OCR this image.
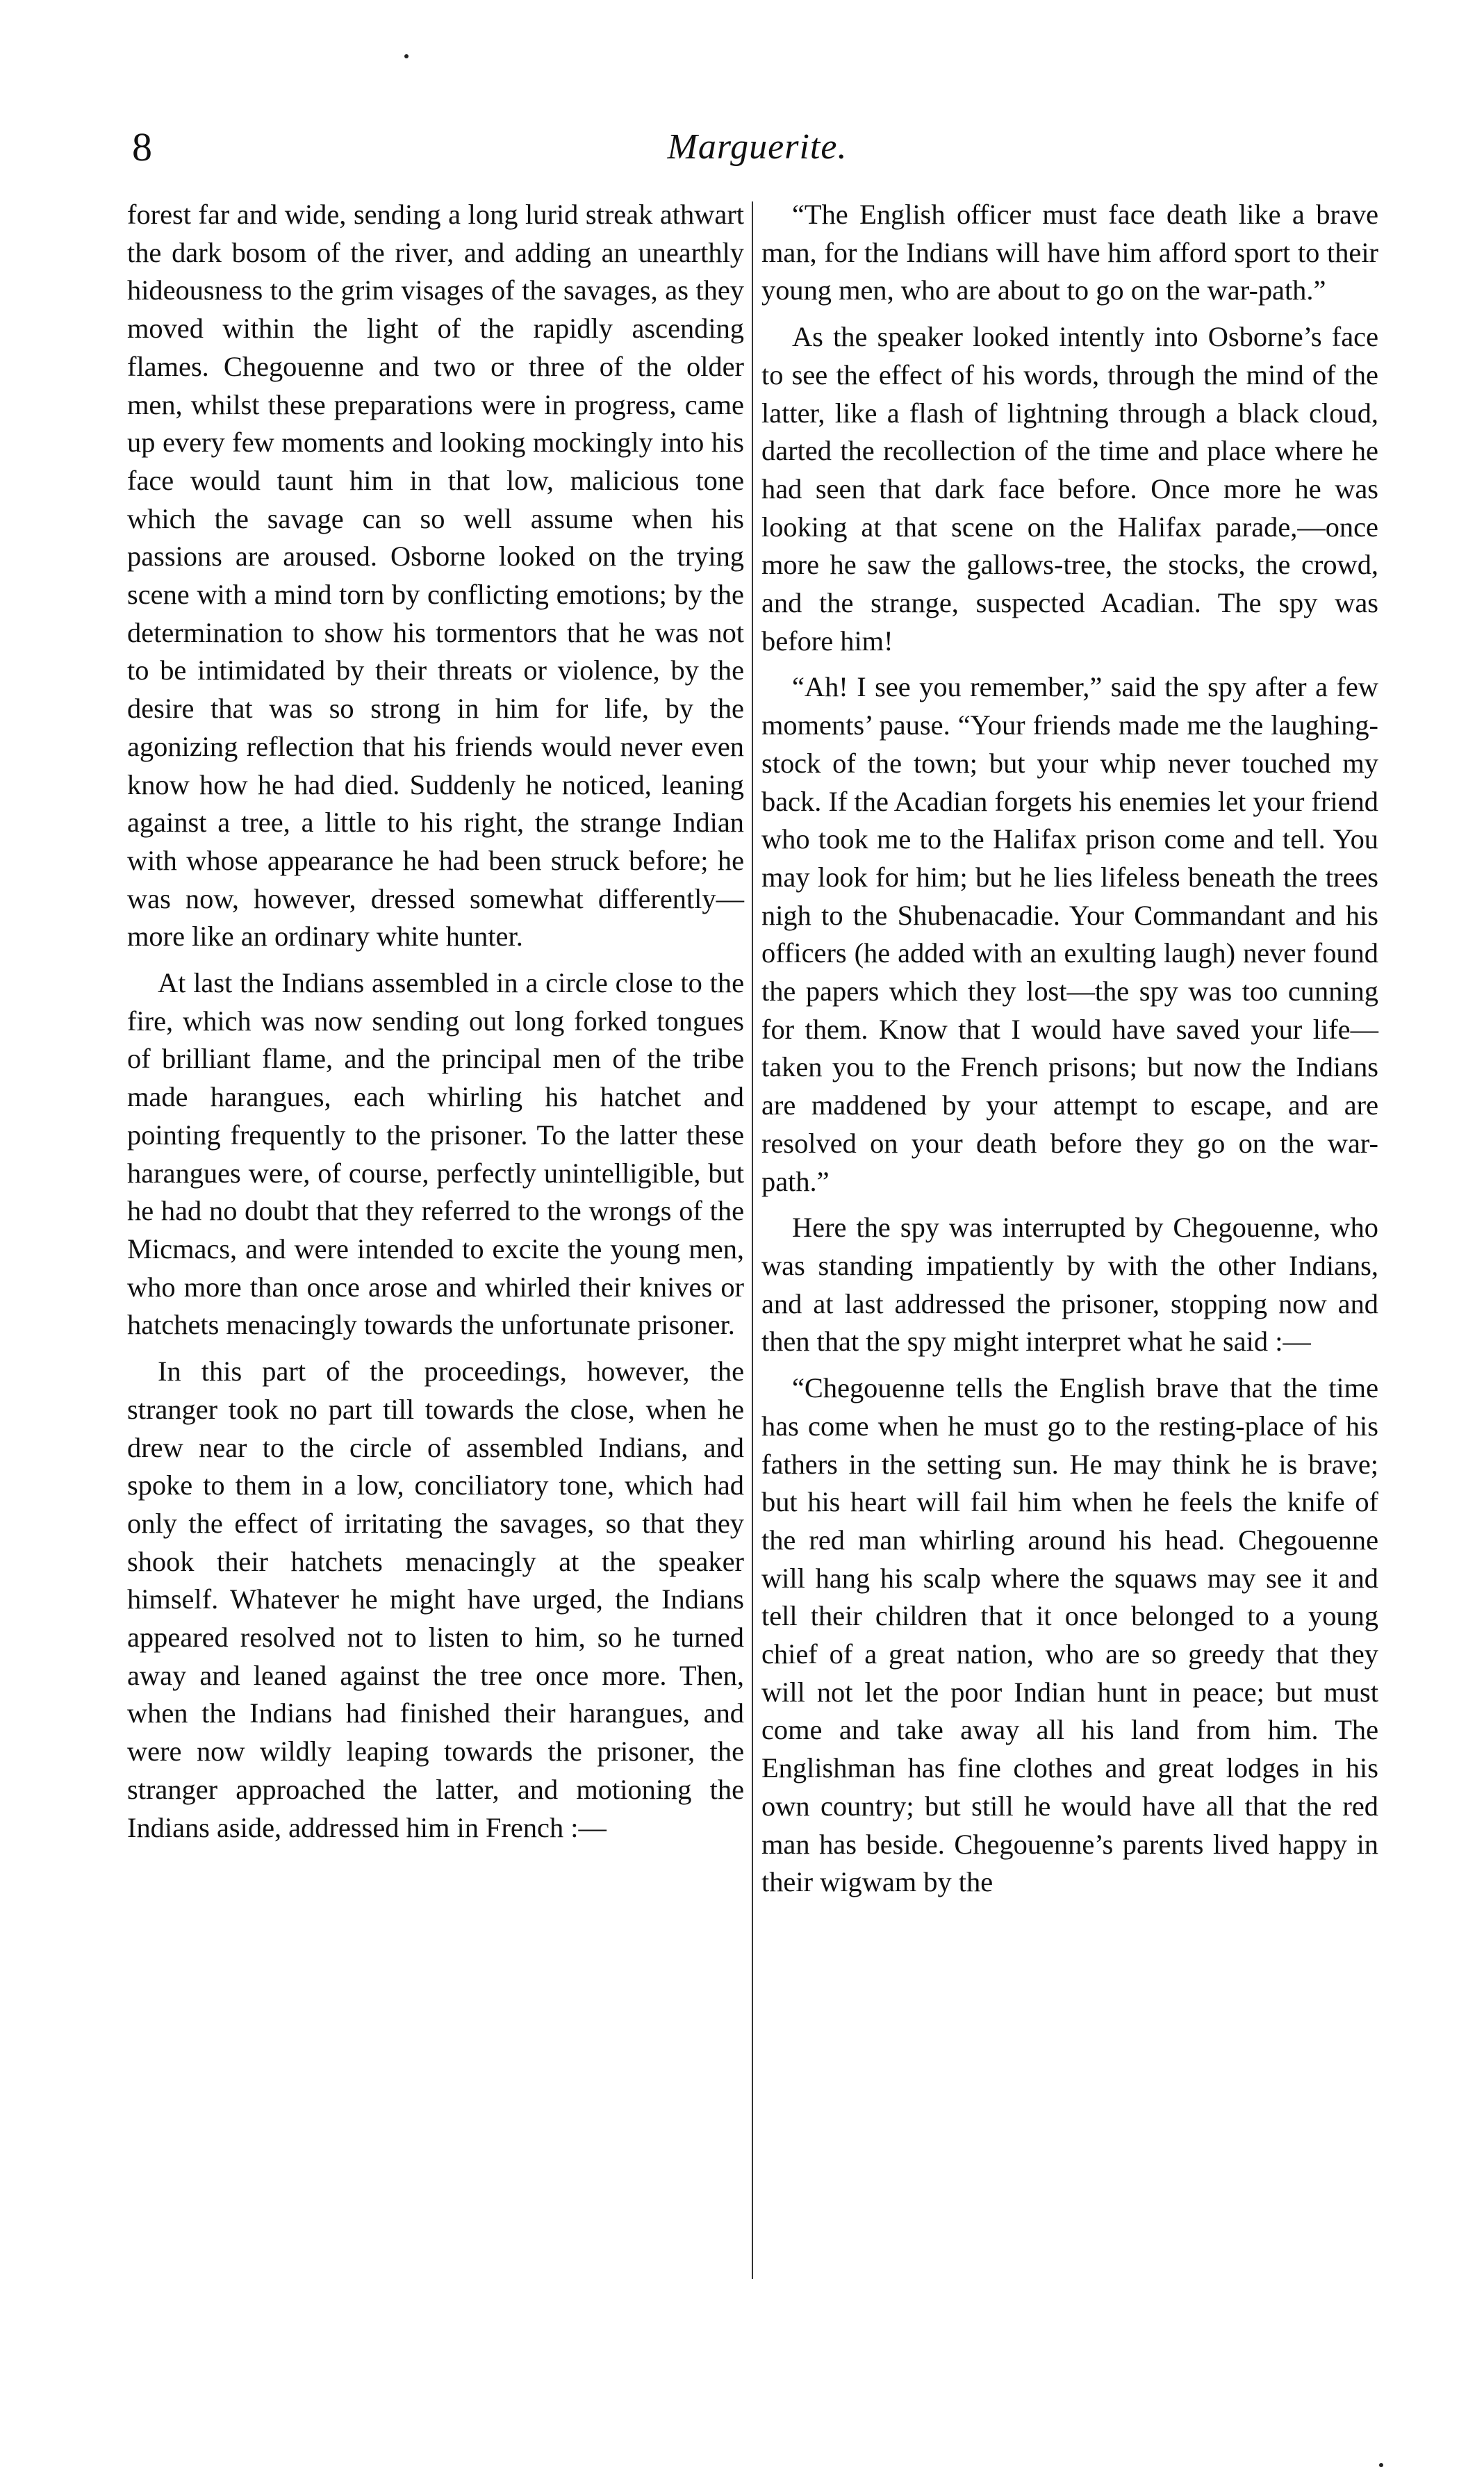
8	Marguerite.

forest far and wide, sending a long lurid streak athwart the dark bosom of the river, and adding an unearthly hideousness to the grim visages of the savages, as they moved within the light of the rapidly ascending flames. Chegouenne and two or three of the older men, whilst these preparations were in progress, came up every few moments and looking mockingly into his face would taunt him in that low, malicious tone which the savage can so well assume when his passions are aroused. Osborne looked on the trying scene with a mind torn by conflicting emotions; by the determination to show his tormentors that he was not to be intimidated by their threats or violence, by the desire that was so strong in him for life, by the agonizing reflection that his friends would never even know how he had died. Suddenly he noticed, leaning against a tree, a little to his right, the strange Indian with whose appearance he had been struck before; he was now, however, dressed somewhat differently—more like an ordinary white hunter.

At last the Indians assembled in a circle close to the fire, which was now sending out long forked tongues of brilliant flame, and the principal men of the tribe made harangues, each whirling his hatchet and pointing frequently to the prisoner. To the latter these harangues were, of course, perfectly unintelligible, but he had no doubt that they referred to the wrongs of the Micmacs, and were intended to excite the young men, who more than once arose and whirled their knives or hatchets menacingly towards the unfortunate prisoner.

In this part of the proceedings, however, the stranger took no part till towards the close, when he drew near to the circle of assembled Indians, and spoke to them in a low, conciliatory tone, which had only the effect of irritating the savages, so that they shook their hatchets menacingly at the speaker himself. Whatever he might have urged, the Indians appeared resolved not to listen to him, so he turned away and leaned against the tree once more. Then, when the Indians had finished their harangues, and were now wildly leaping towards the prisoner, the stranger approached the latter, and motioning the Indians aside, addressed him in French :—

“The English officer must face death like a brave man, for the Indians will have him afford sport to their young men, who are about to go on the war-path.”

As the speaker looked intently into Osborne’s face to see the effect of his words, through the mind of the latter, like a flash of lightning through a black cloud, darted the recollection of the time and place where he had seen that dark face before. Once more he was looking at that scene on the Halifax parade,—once more he saw the gallows-tree, the stocks, the crowd, and the strange, suspected Acadian. The spy was before him!

“Ah! I see you remember,” said the spy after a few moments’ pause. “Your friends made me the laughing-stock of the town; but your whip never touched my back. If the Acadian forgets his enemies let your friend who took me to the Halifax prison come and tell. You may look for him; but he lies lifeless beneath the trees nigh to the Shubenacadie. Your Commandant and his officers (he added with an exulting laugh) never found the papers which they lost—the spy was too cunning for them. Know that I would have saved your life—taken you to the French prisons; but now the Indians are maddened by your attempt to escape, and are resolved on your death before they go on the war-path.”

Here the spy was interrupted by Chegouenne, who was standing impatiently by with the other Indians, and at last addressed the prisoner, stopping now and then that the spy might interpret what he said :—

“Chegouenne tells the English brave that the time has come when he must go to the resting-place of his fathers in the setting sun. He may think he is brave; but his heart will fail him when he feels the knife of the red man whirling around his head. Chegouenne will hang his scalp where the squaws may see it and tell their children that it once belonged to a young chief of a great nation, who are so greedy that they will not let the poor Indian hunt in peace; but must come and take away all his land from him. The Englishman has fine clothes and great lodges in his own country; but still he would have all that the red man has beside. Chegouenne’s parents lived happy in their wigwam by the
